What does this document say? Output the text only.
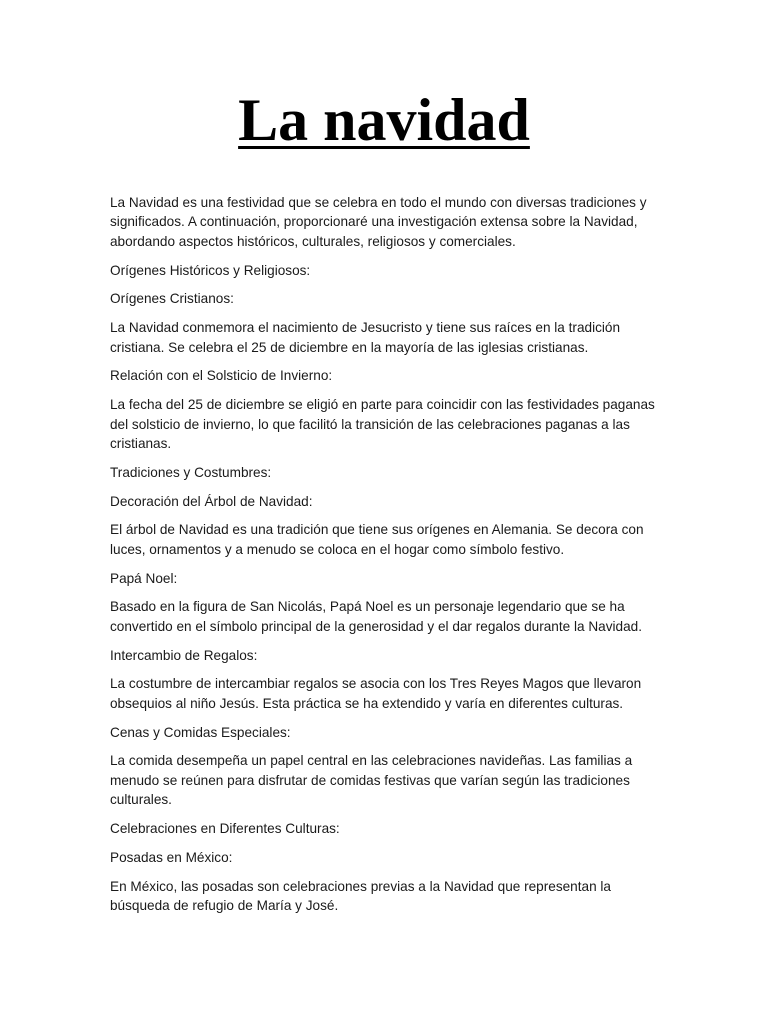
La navidad

La Navidad es una festividad que se celebra en todo el mundo con diversas tradiciones y significados. A continuación, proporcionaré una investigación extensa sobre la Navidad, abordando aspectos históricos, culturales, religiosos y comerciales.

Orígenes Históricos y Religiosos:

Orígenes Cristianos:

La Navidad conmemora el nacimiento de Jesucristo y tiene sus raíces en la tradición cristiana. Se celebra el 25 de diciembre en la mayoría de las iglesias cristianas.

Relación con el Solsticio de Invierno:

La fecha del 25 de diciembre se eligió en parte para coincidir con las festividades paganas del solsticio de invierno, lo que facilitó la transición de las celebraciones paganas a las cristianas.

Tradiciones y Costumbres:

Decoración del Árbol de Navidad:

El árbol de Navidad es una tradición que tiene sus orígenes en Alemania. Se decora con luces, ornamentos y a menudo se coloca en el hogar como símbolo festivo.

Papá Noel:

Basado en la figura de San Nicolás, Papá Noel es un personaje legendario que se ha convertido en el símbolo principal de la generosidad y el dar regalos durante la Navidad.

Intercambio de Regalos:

La costumbre de intercambiar regalos se asocia con los Tres Reyes Magos que llevaron obsequios al niño Jesús. Esta práctica se ha extendido y varía en diferentes culturas.

Cenas y Comidas Especiales:

La comida desempeña un papel central en las celebraciones navideñas. Las familias a menudo se reúnen para disfrutar de comidas festivas que varían según las tradiciones culturales.

Celebraciones en Diferentes Culturas:

Posadas en México:

En México, las posadas son celebraciones previas a la Navidad que representan la búsqueda de refugio de María y José.
